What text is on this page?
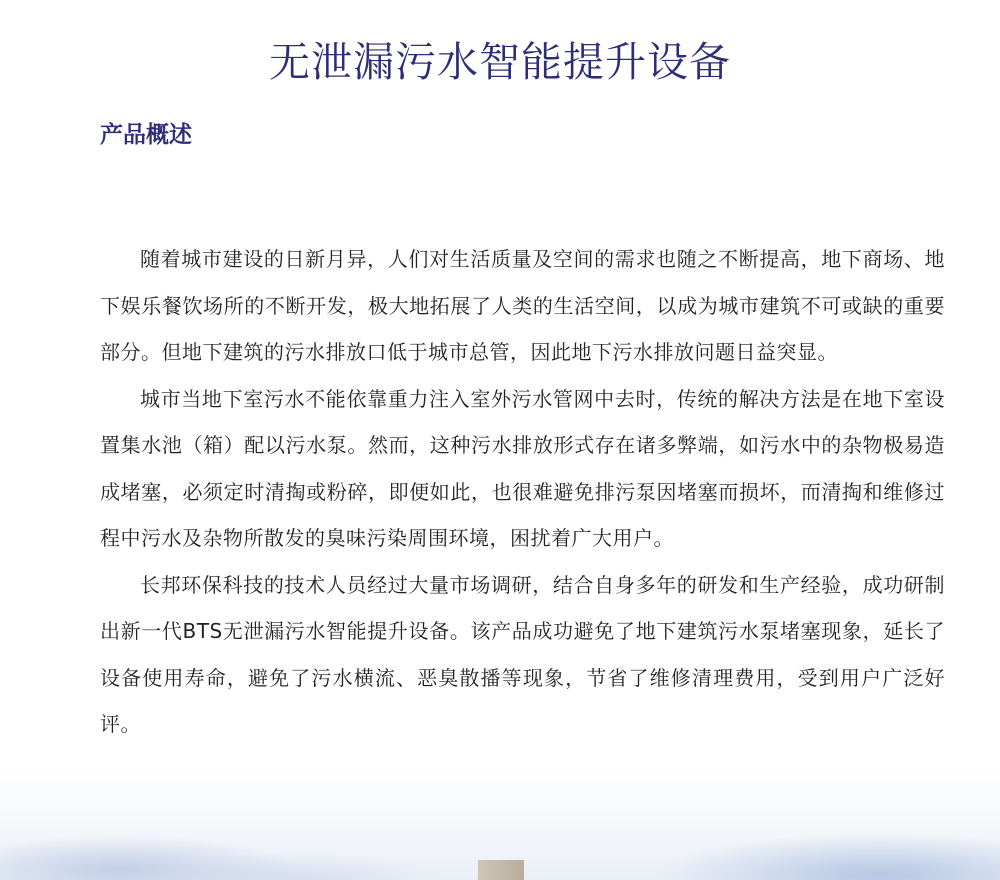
无泄漏污水智能提升设备
产品概述

随着城市建设的日新月异，人们对生活质量及空间的需求也随之不断提高，地下商场、地下娱乐餐饮场所的不断开发，极大地拓展了人类的生活空间，以成为城市建筑不可或缺的重要部分。但地下建筑的污水排放口低于城市总管，因此地下污水排放问题日益突显。

城市当地下室污水不能依靠重力注入室外污水管网中去时，传统的解决方法是在地下室设置集水池（箱）配以污水泵。然而，这种污水排放形式存在诸多弊端，如污水中的杂物极易造成堵塞，必须定时清掏或粉碎，即便如此，也很难避免排污泵因堵塞而损坏，而清掏和维修过程中污水及杂物所散发的臭味污染周围环境，困扰着广大用户。

长邦环保科技的技术人员经过大量市场调研，结合自身多年的研发和生产经验，成功研制出新一代BTS无泄漏污水智能提升设备。该产品成功避免了地下建筑污水泵堵塞现象，延长了设备使用寿命，避免了污水横流、恶臭散播等现象，节省了维修清理费用，受到用户广泛好评。
